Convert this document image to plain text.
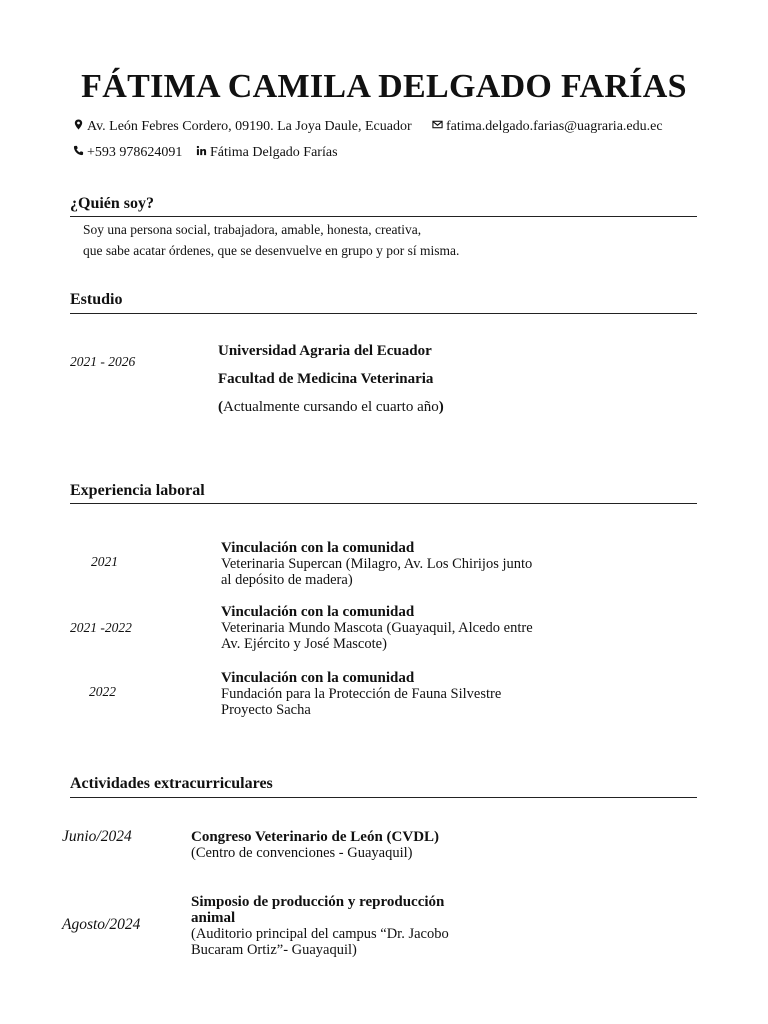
FÁTIMA CAMILA DELGADO FARÍAS
Av. León Febres Cordero, 09190. La Joya Daule, Ecuador fatima.delgado.farias@uagraria.edu.ec
+593 978624091 Fátima Delgado Farías
¿Quién soy?
Soy una persona social, trabajadora, amable, honesta, creativa,
que sabe acatar órdenes, que se desenvuelve en grupo y por sí misma.
Estudio
2021 - 2026
Universidad Agraria del Ecuador
Facultad de Medicina Veterinaria
(Actualmente cursando el cuarto año)
Experiencia laboral
2021
Vinculación con la comunidad
Veterinaria Supercan (Milagro, Av. Los Chirijos junto
al depósito de madera)
2021 -2022
Vinculación con la comunidad
Veterinaria Mundo Mascota (Guayaquil, Alcedo entre
Av. Ejército y José Mascote)
2022
Vinculación con la comunidad
Fundación para la Protección de Fauna Silvestre
Proyecto Sacha
Actividades extracurriculares
Junio/2024	Congreso Veterinario de León (CVDL)
(Centro de convenciones - Guayaquil)
Agosto/2024
Simposio de producción y reproducción
animal
(Auditorio principal del campus “Dr. Jacobo
Bucaram Ortiz”- Guayaquil)
